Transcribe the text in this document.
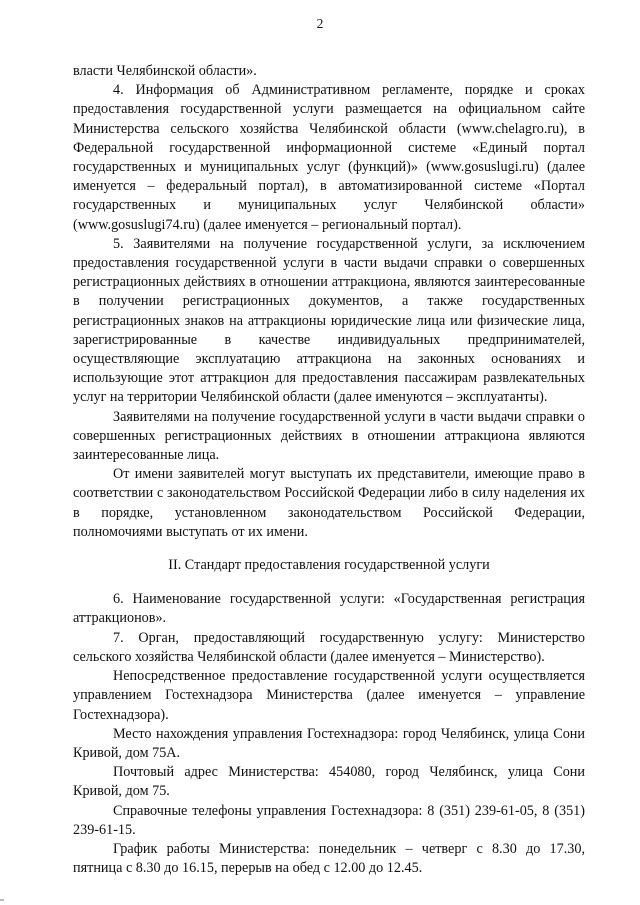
2

власти Челябинской области».

4. Информация об Административном регламенте, порядке и сроках предоставления государственной услуги размещается на официальном сайте Министерства сельского хозяйства Челябинской области (www.chelagro.ru), в Федеральной государственной информационной системе «Единый портал государственных и муниципальных услуг (функций)» (www.gosuslugi.ru) (далее именуется – федеральный портал), в автоматизированной системе «Портал государственных и муниципальных услуг Челябинской области» (www.gosuslugi74.ru) (далее именуется – региональный портал).

5. Заявителями на получение государственной услуги, за исключением предоставления государственной услуги в части выдачи справки о совершенных регистрационных действиях в отношении аттракциона, являются заинтересованные в получении регистрационных документов, а также государственных регистрационных знаков на аттракционы юридические лица или физические лица, зарегистрированные в качестве индивидуальных предпринимателей, осуществляющие эксплуатацию аттракциона на законных основаниях и использующие этот аттракцион для предоставления пассажирам развлекательных услуг на территории Челябинской области (далее именуются – эксплуатанты).

Заявителями на получение государственной услуги в части выдачи справки о совершенных регистрационных действиях в отношении аттракциона являются заинтересованные лица.

От имени заявителей могут выступать их представители, имеющие право в соответствии с законодательством Российской Федерации либо в силу наделения их в порядке, установленном законодательством Российской Федерации, полномочиями выступать от их имени.

II. Стандарт предоставления государственной услуги

6. Наименование государственной услуги: «Государственная регистрация аттракционов».

7. Орган, предоставляющий государственную услугу: Министерство сельского хозяйства Челябинской области (далее именуется – Министерство).

Непосредственное предоставление государственной услуги осуществляется управлением Гостехнадзора Министерства (далее именуется – управление Гостехнадзора).

Место нахождения управления Гостехнадзора: город Челябинск, улица Сони Кривой, дом 75А.

Почтовый адрес Министерства: 454080, город Челябинск, улица Сони Кривой, дом 75.

Справочные телефоны управления Гостехнадзора: 8 (351) 239-61-05, 8 (351) 239-61-15.

График работы Министерства: понедельник – четверг с 8.30 до 17.30, пятница с 8.30 до 16.15, перерыв на обед с 12.00 до 12.45.
